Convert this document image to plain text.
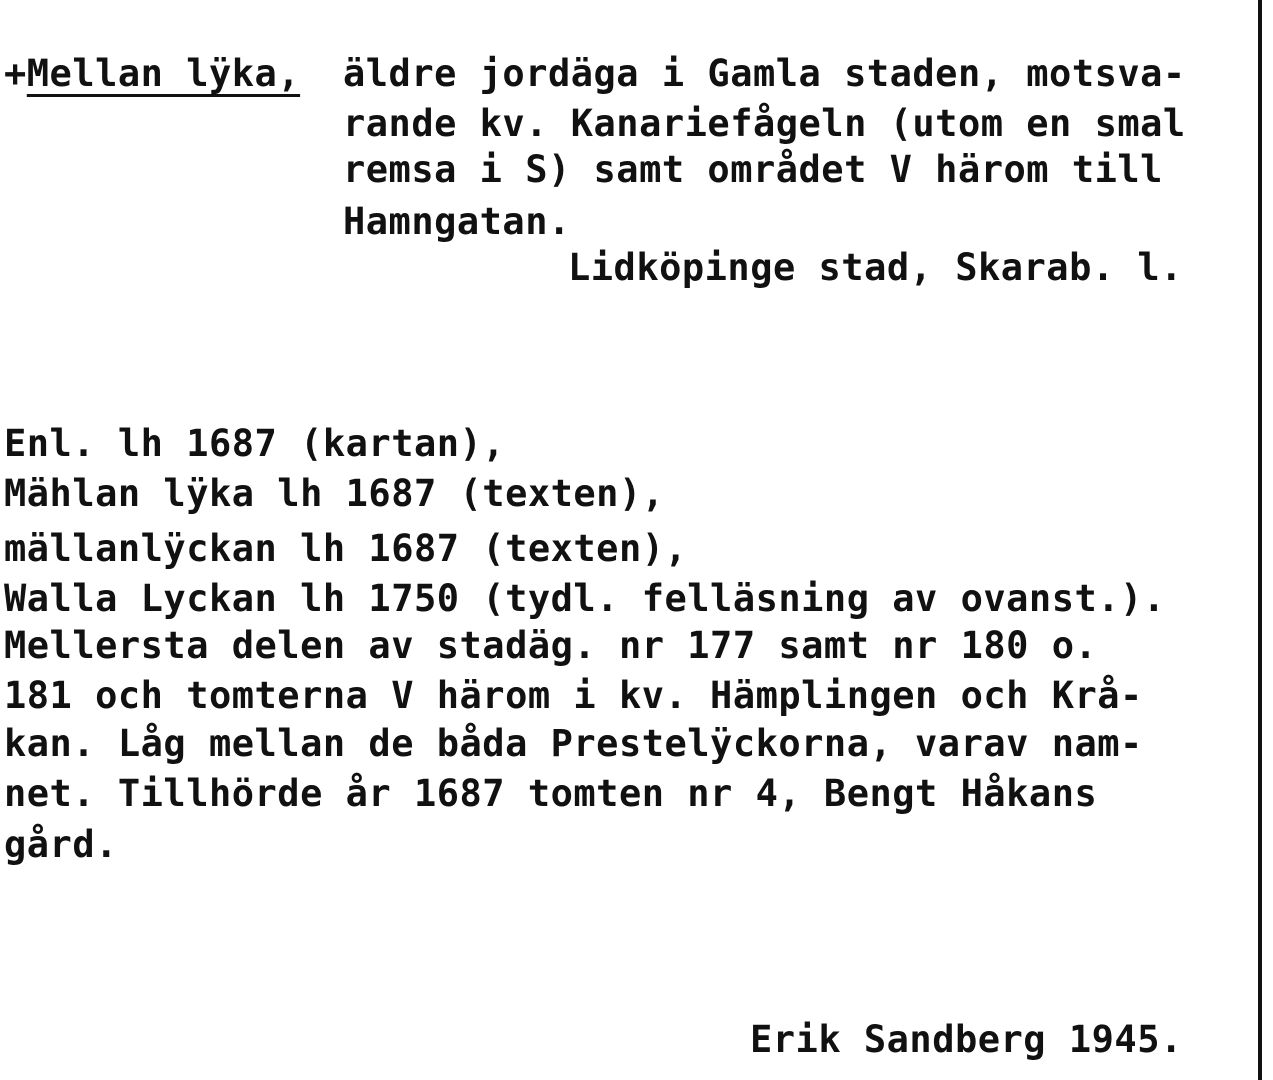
+Mellan lÿka, äldre jordäga i Gamla staden, motsva-
rande kv. Kanariefågeln (utom en smal
remsa i S) samt området V härom till
Hamngatan.
Lidköpinge stad, Skarab. l.
Enl. lh 1687 (kartan),
Mählan lÿka lh 1687 (texten),
mällanlÿckan lh 1687 (texten),
Walla Lyckan lh 1750 (tydl. felläsning av ovanst.).
Mellersta delen av stadäg. nr 177 samt nr 180 o.
181 och tomterna V härom i kv. Hämplingen och Krå-
kan. Låg mellan de båda Prestelÿckorna, varav nam-
net. Tillhörde år 1687 tomten nr 4, Bengt Håkans
gård.
Erik Sandberg 1945.
